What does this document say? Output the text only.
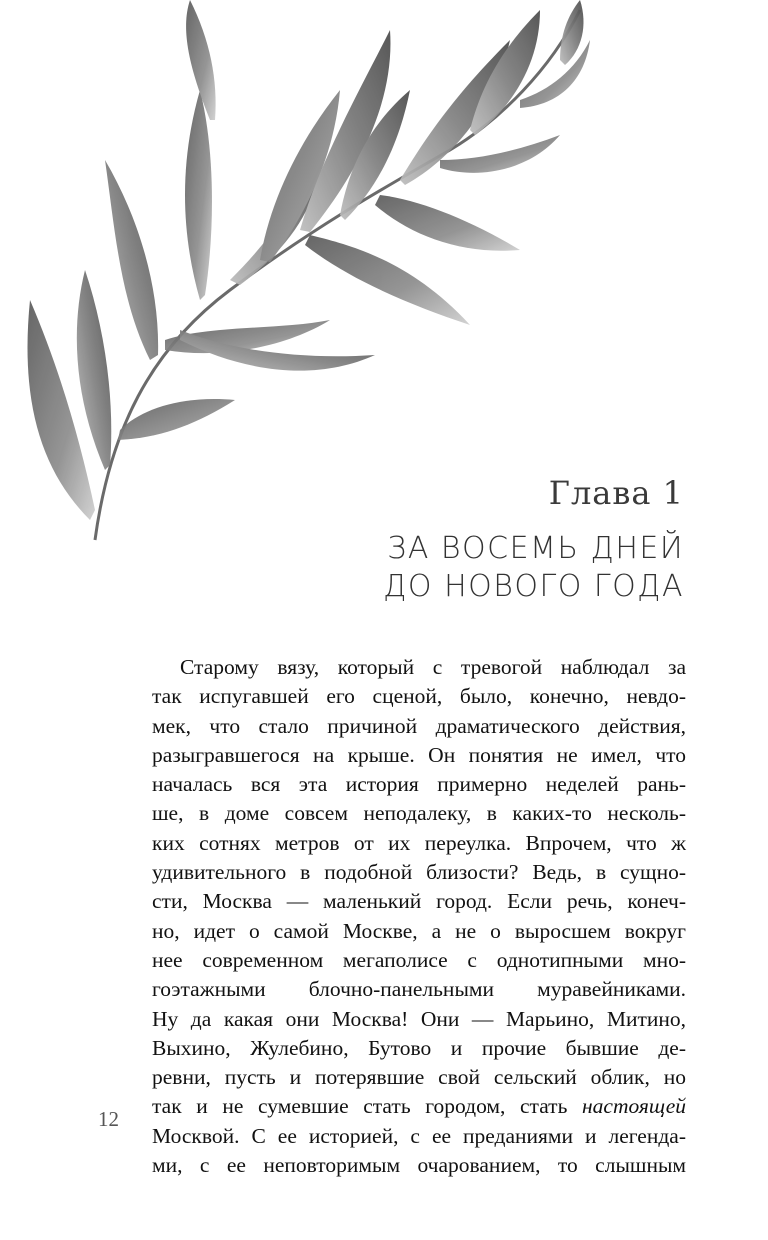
Глава 1
ЗА ВОСЕМЬ ДНЕЙ
ДО НОВОГО ГОДА
Старому вязу, который с тревогой наблюдал за
так испугавшей его сценой, было, конечно, невдо-
мек, что стало причиной драматического действия,
разыгравшегося на крыше. Он понятия не имел, что
началась вся эта история примерно неделей рань-
ше, в доме совсем неподалеку, в каких-то несколь-
ких сотнях метров от их переулка. Впрочем, что ж
удивительного в подобной близости? Ведь, в сущно-
сти, Москва — маленький город. Если речь, конеч-
но, идет о самой Москве, а не о выросшем вокруг
нее современном мегаполисе с однотипными мно-
гоэтажными блочно-панельными муравейниками.
Ну да какая они Москва! Они — Марьино, Митино,
Выхино, Жулебино, Бутово и прочие бывшие де-
ревни, пусть и потерявшие свой сельский облик, но
так и не сумевшие стать городом, стать настоящей
Москвой. С ее историей, с ее преданиями и легенда-
ми, с ее неповторимым очарованием, то слышным

12
